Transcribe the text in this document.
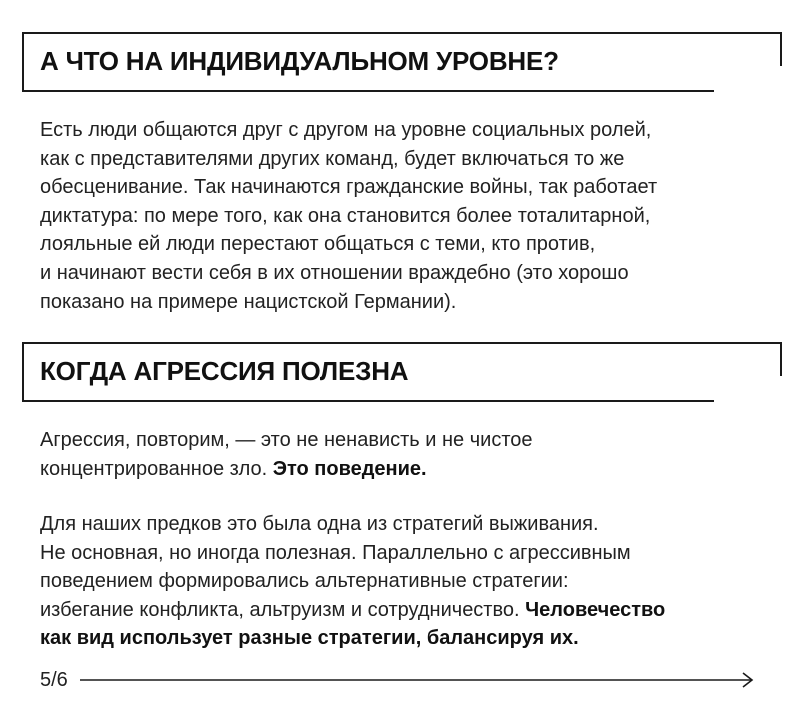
А ЧТО НА ИНДИВИДУАЛЬНОМ УРОВНЕ?
Есть люди общаются друг с другом на уровне социальных ролей,
как с представителями других команд, будет включаться то же
обесценивание. Так начинаются гражданские войны, так работает
диктатура: по мере того, как она становится более тоталитарной,
лояльные ей люди перестают общаться с теми, кто против,
и начинают вести себя в их отношении враждебно (это хорошо
показано на примере нацистской Германии).
КОГДА АГРЕССИЯ ПОЛЕЗНА
Агрессия, повторим, — это не ненависть и не чистое
концентрированное зло. Это поведение.
Для наших предков это была одна из стратегий выживания.
Не основная, но иногда полезная. Параллельно с агрессивным
поведением формировались альтернативные стратегии:
избегание конфликта, альтруизм и сотрудничество. Человечество
как вид использует разные стратегии, балансируя их.
5/6
